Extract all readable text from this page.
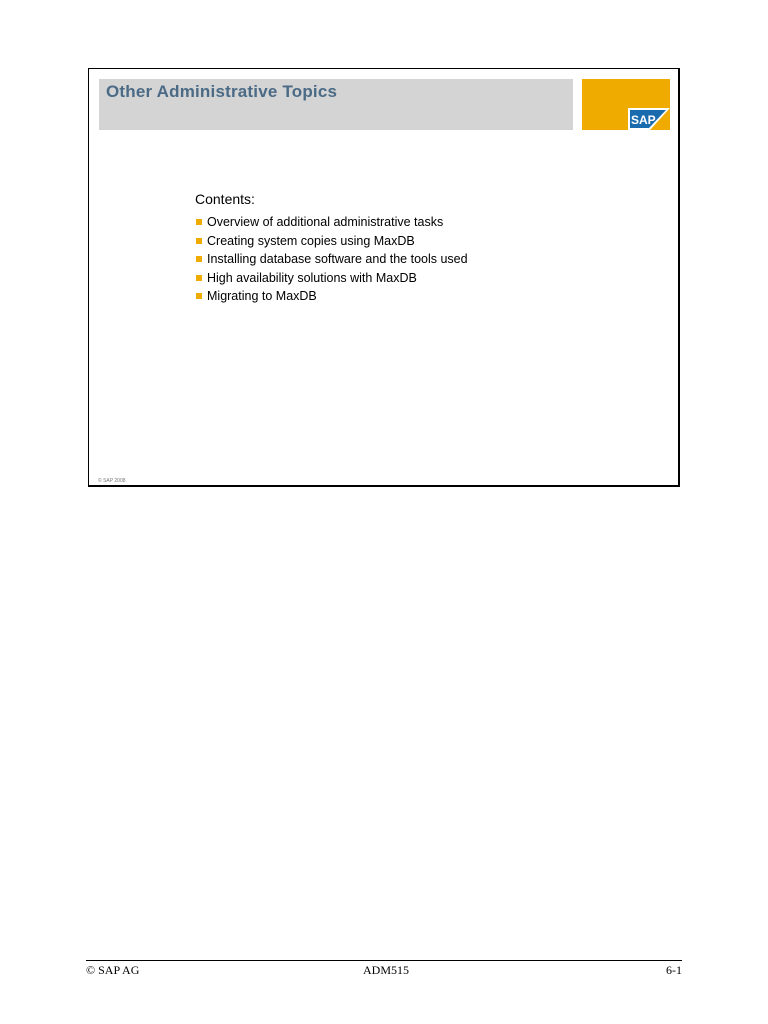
Other Administrative Topics
SAP
Contents:
Overview of additional administrative tasks
Creating system copies using MaxDB
Installing database software and the tools used
High availability solutions with MaxDB
Migrating to MaxDB
© SAP 2008
© SAP AG	ADM515	6-1
